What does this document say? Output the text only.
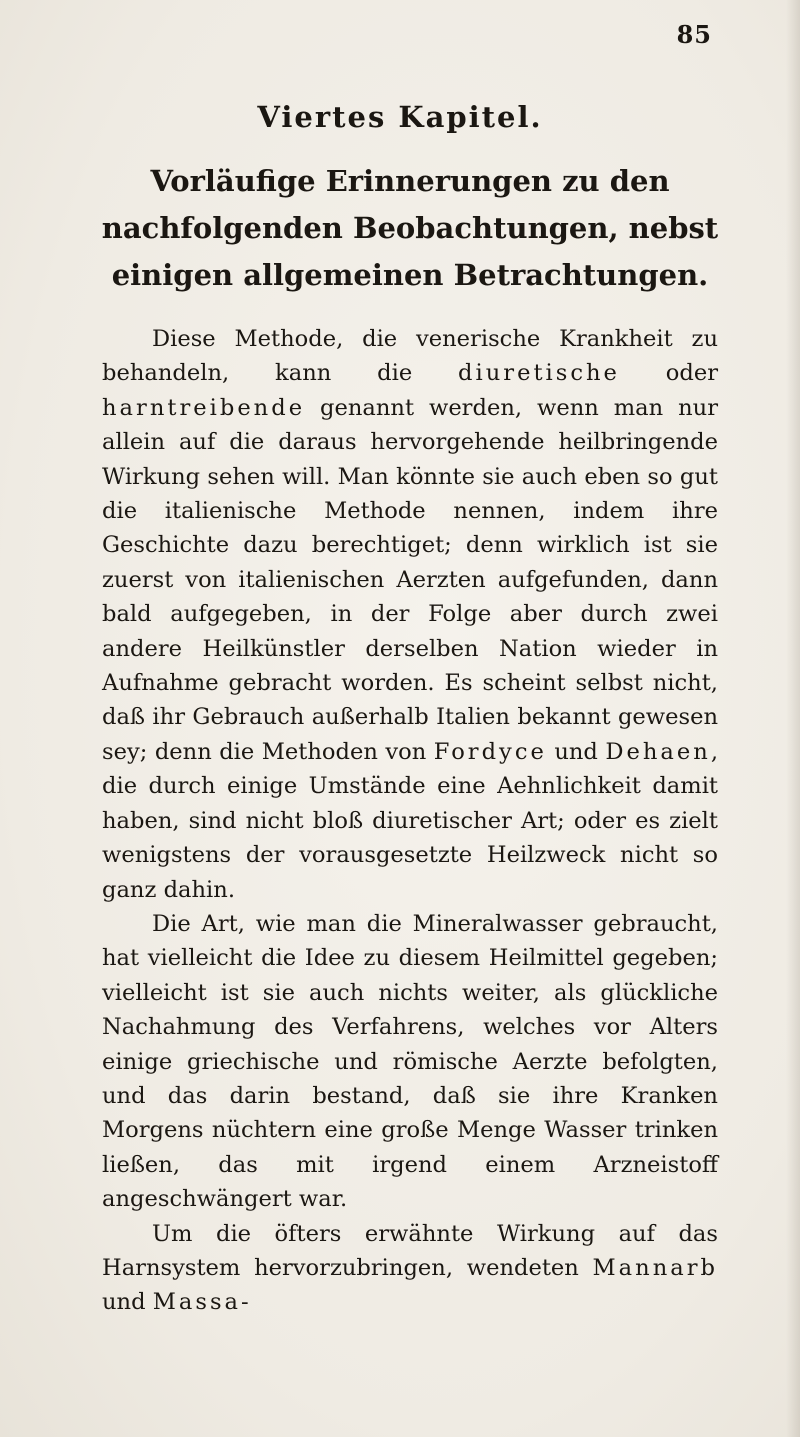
85
Viertes Kapitel.
Vorläufige Erinnerungen zu den nachfolgenden Beobachtungen, nebst einigen allgemeinen Betrachtungen.

Diese Methode, die venerische Krankheit zu behandeln, kann die diuretische oder harntreibende genannt werden, wenn man nur allein auf die daraus hervorgehende heilbringende Wirkung sehen will. Man könnte sie auch eben so gut die italienische Methode nennen, indem ihre Geschichte dazu berechtiget; denn wirklich ist sie zuerst von italienischen Aerzten aufgefunden, dann bald aufgegeben, in der Folge aber durch zwei andere Heilkünstler derselben Nation wieder in Aufnahme gebracht worden. Es scheint selbst nicht, daß ihr Gebrauch außerhalb Italien bekannt gewesen sey; denn die Methoden von Fordyce und Dehaen, die durch einige Umstände eine Aehnlichkeit damit haben, sind nicht bloß diuretischer Art; oder es zielt wenigstens der vorausgesetzte Heilzweck nicht so ganz dahin.

Die Art, wie man die Mineralwasser gebraucht, hat vielleicht die Idee zu diesem Heilmittel gegeben; vielleicht ist sie auch nichts weiter, als glückliche Nachahmung des Verfahrens, welches vor Alters einige griechische und römische Aerzte befolgten, und das darin bestand, daß sie ihre Kranken Morgens nüchtern eine große Menge Wasser trinken ließen, das mit irgend einem Arzneistoff angeschwängert war.

Um die öfters erwähnte Wirkung auf das Harnsystem hervorzubringen, wendeten Mannarb und Massa-
